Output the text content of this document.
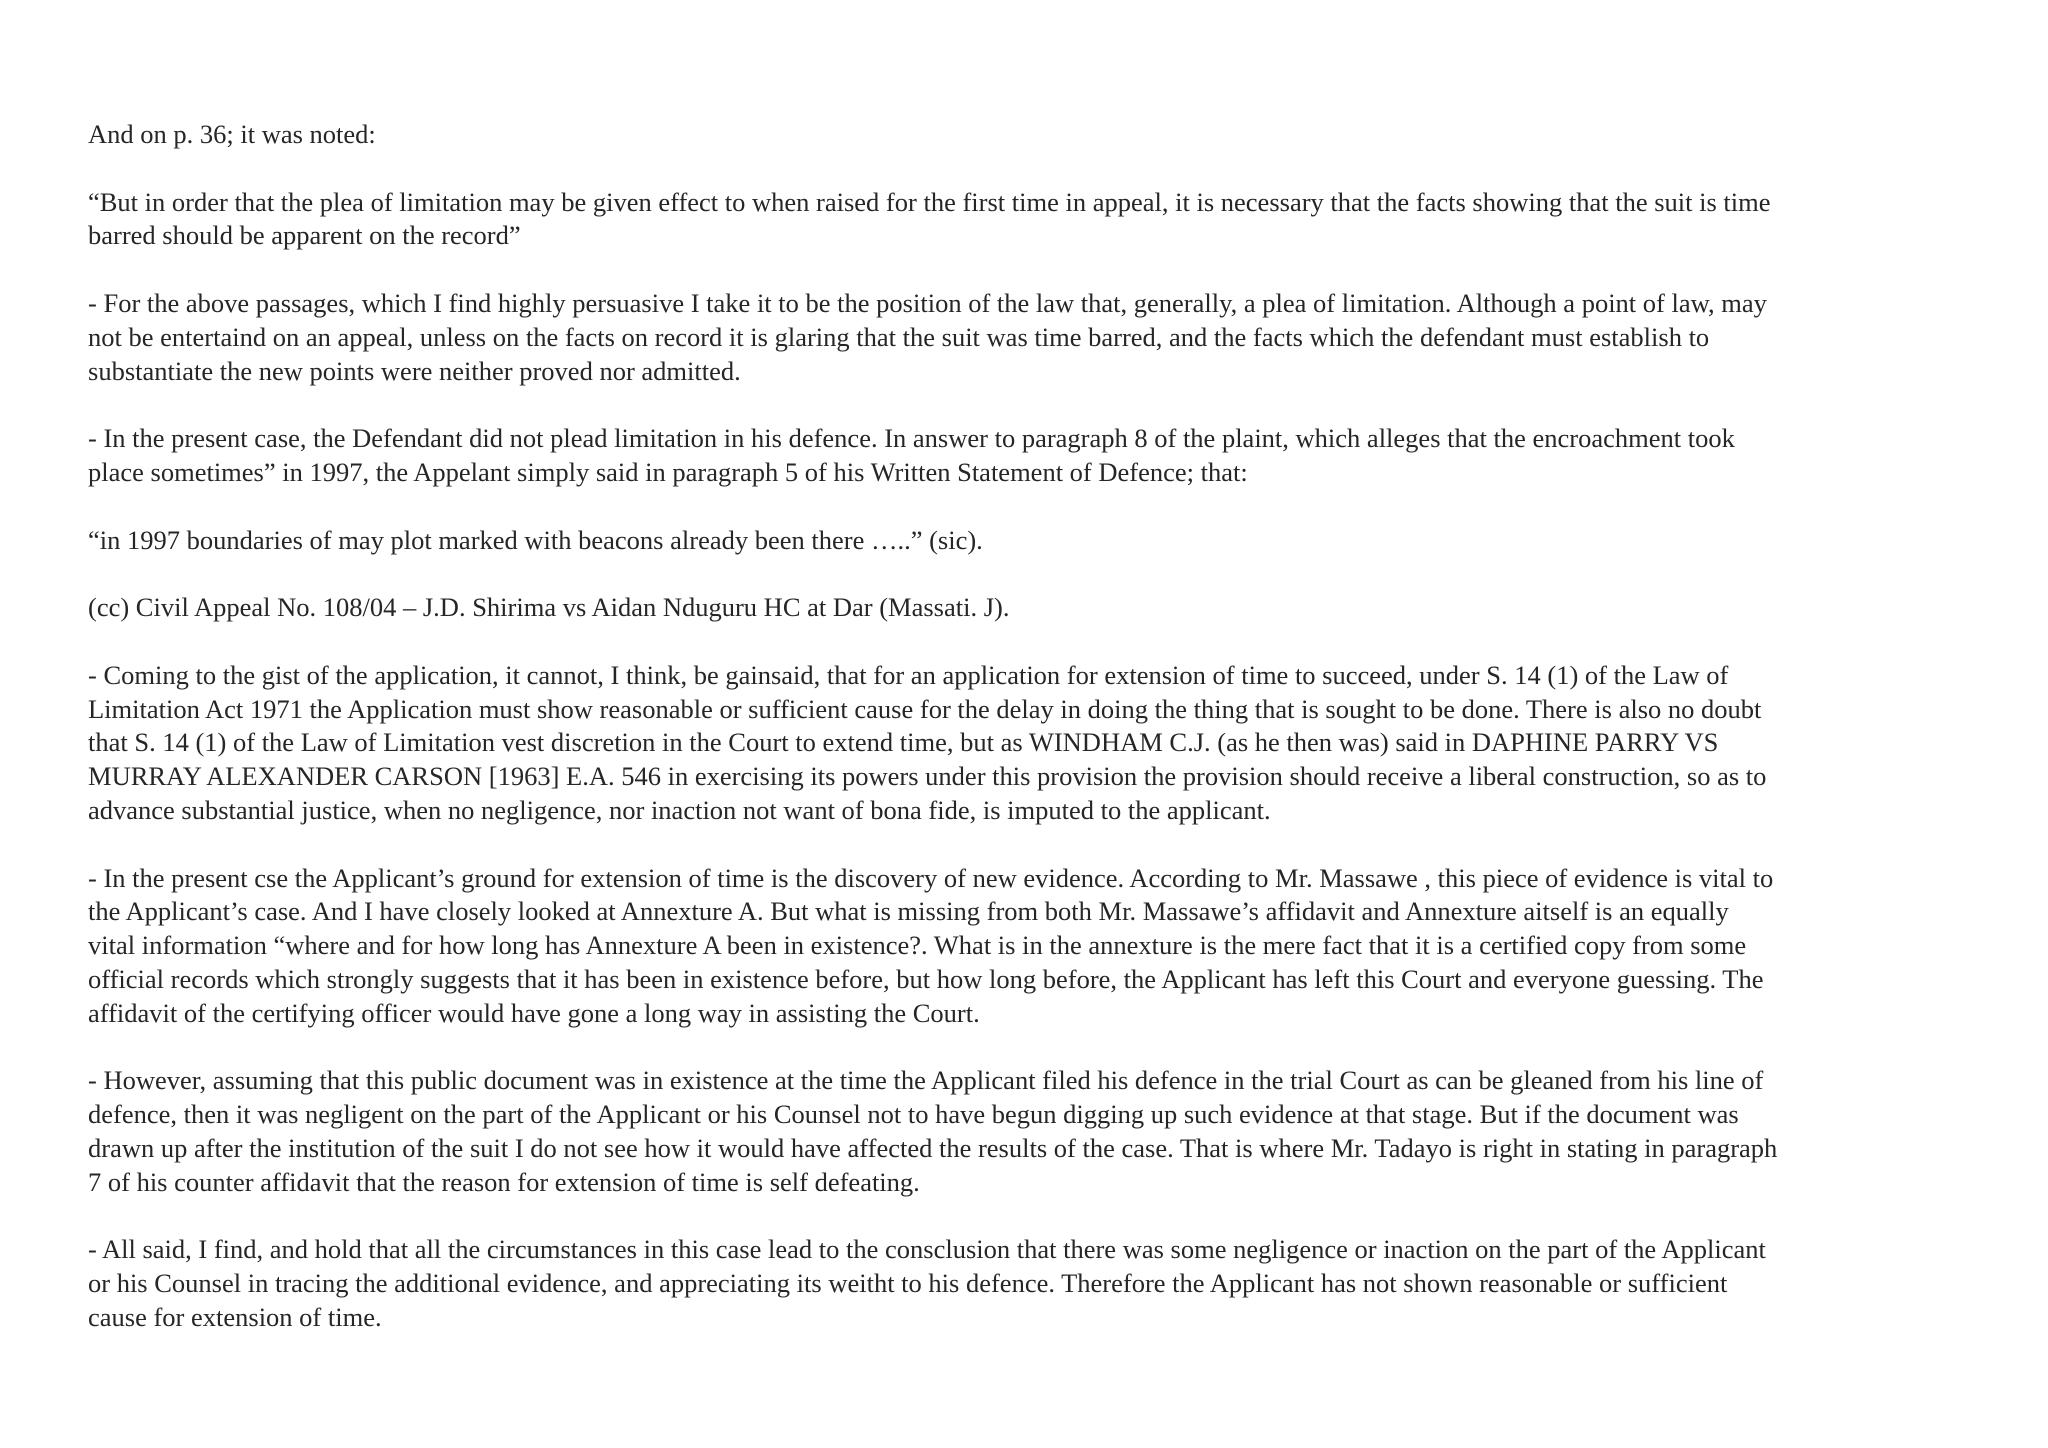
And on p. 36; it was noted:
“But in order that the plea of limitation may be given effect to when raised for the first time in appeal, it is necessary that the facts showing that the suit is time
barred should be apparent on the record”
- For the above passages, which I find highly persuasive I take it to be the position of the law that, generally, a plea of limitation. Although a point of law, may
not be entertaind on an appeal, unless on the facts on record it is glaring that the suit was time barred, and the facts which the defendant must establish to
substantiate the new points were neither proved nor admitted.
- In the present case, the Defendant did not plead limitation in his defence. In answer to paragraph 8 of the plaint, which alleges that the encroachment took
place sometimes” in 1997, the Appelant simply said in paragraph 5 of his Written Statement of Defence; that:
“in 1997 boundaries of may plot marked with beacons already been there …..” (sic).
(cc) Civil Appeal No. 108/04 – J.D. Shirima vs Aidan Nduguru HC at Dar (Massati. J).
- Coming to the gist of the application, it cannot, I think, be gainsaid, that for an application for extension of time to succeed, under S. 14 (1) of the Law of
Limitation Act 1971 the Application must show reasonable or sufficient cause for the delay in doing the thing that is sought to be done. There is also no doubt
that S. 14 (1) of the Law of Limitation vest discretion in the Court to extend time, but as WINDHAM C.J. (as he then was) said in DAPHINE PARRY VS
MURRAY ALEXANDER CARSON [1963] E.A. 546 in exercising its powers under this provision the provision should receive a liberal construction, so as to
advance substantial justice, when no negligence, nor inaction not want of bona fide, is imputed to the applicant.
- In the present cse the Applicant’s ground for extension of time is the discovery of new evidence. According to Mr. Massawe , this piece of evidence is vital to
the Applicant’s case. And I have closely looked at Annexture A. But what is missing from both Mr. Massawe’s affidavit and Annexture aitself is an equally
vital information “where and for how long has Annexture A been in existence?. What is in the annexture is the mere fact that it is a certified copy from some
official records which strongly suggests that it has been in existence before, but how long before, the Applicant has left this Court and everyone guessing. The
affidavit of the certifying officer would have gone a long way in assisting the Court.
- However, assuming that this public document was in existence at the time the Applicant filed his defence in the trial Court as can be gleaned from his line of
defence, then it was negligent on the part of the Applicant or his Counsel not to have begun digging up such evidence at that stage. But if the document was
drawn up after the institution of the suit I do not see how it would have affected the results of the case. That is where Mr. Tadayo is right in stating in paragraph
7 of his counter affidavit that the reason for extension of time is self defeating.
- All said, I find, and hold that all the circumstances in this case lead to the consclusion that there was some negligence or inaction on the part of the Applicant
or his Counsel in tracing the additional evidence, and appreciating its weitht to his defence. Therefore the Applicant has not shown reasonable or sufficient
cause for extension of time.
